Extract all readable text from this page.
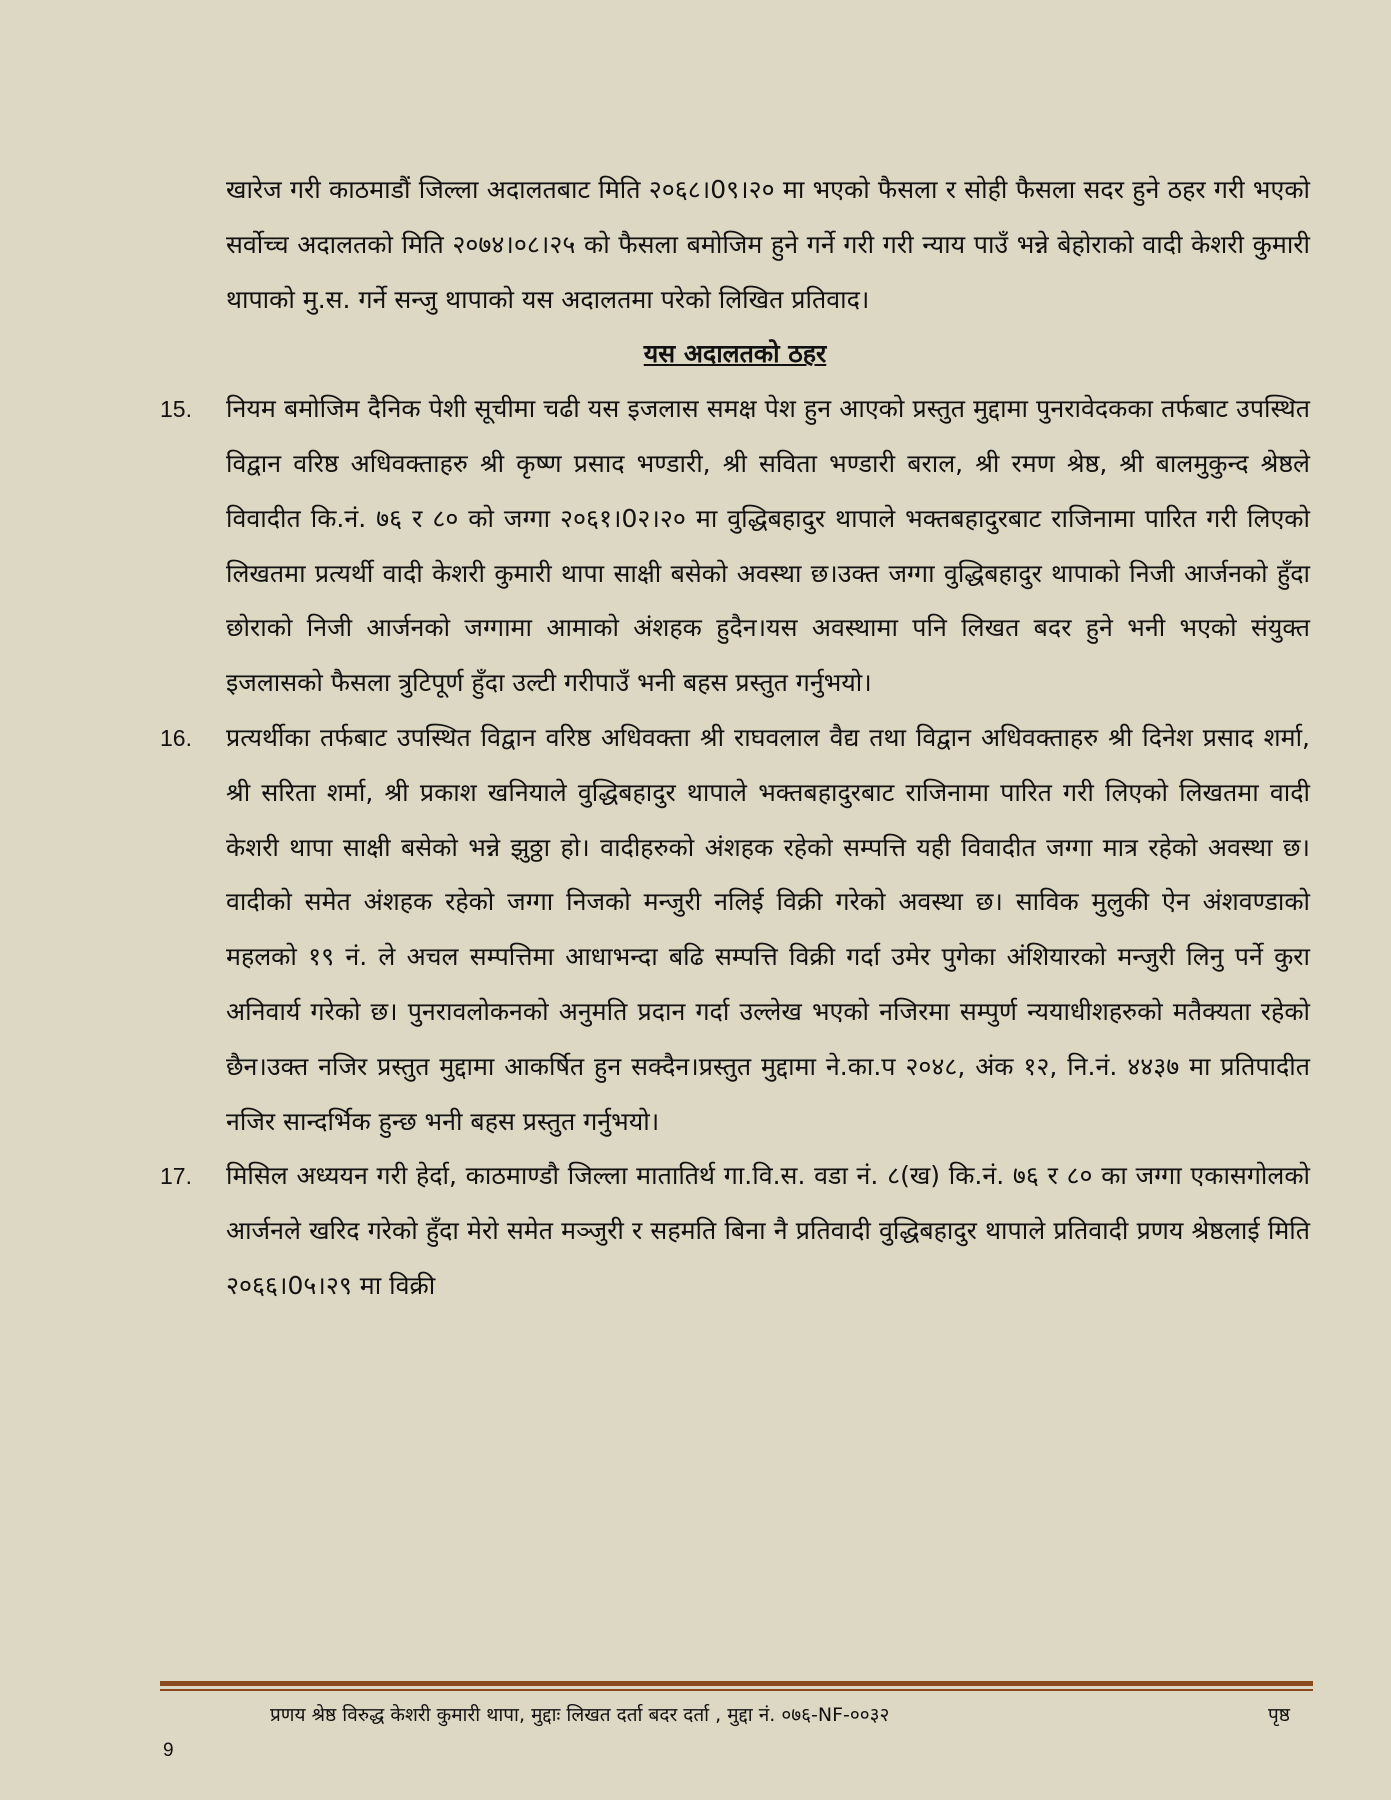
खारेज गरी काठमाडौं जिल्ला अदालतबाट मिति २०६८।0९।२० मा भएको फैसला र सोही फैसला सदर हुने ठहर गरी भएको सर्वोच्च अदालतको मिति २०७४।०८।२५ को फैसला बमोजिम हुने गर्ने गरी गरी न्याय पाउँ भन्ने बेहोराको वादी केशरी कुमारी थापाको मु.स. गर्ने सन्जु थापाको यस अदालतमा परेको लिखित प्रतिवाद।

यस अदालतको ठहर

15.	नियम बमोजिम दैनिक पेशी सूचीमा चढी यस इजलास समक्ष पेश हुन आएको प्रस्तुत मुद्दामा पुनरावेदकका तर्फबाट उपस्थित विद्वान वरिष्ठ अधिवक्ताहरु श्री कृष्ण प्रसाद भण्डारी, श्री सविता भण्डारी बराल, श्री रमण श्रेष्ठ, श्री बालमुकुन्द श्रेष्ठले विवादीत कि.नं. ७६ र ८० को जग्गा २०६१।0२।२० मा वुद्धिबहादुर थापाले भक्तबहादुरबाट राजिनामा पारित गरी लिएको लिखतमा प्रत्यर्थी वादी केशरी कुमारी थापा साक्षी बसेको अवस्था छ।उक्त जग्गा वुद्धिबहादुर थापाको निजी आर्जनको हुँदा छोराको निजी आर्जनको जग्गामा आमाको अंशहक हुदैन।यस अवस्थामा पनि लिखत बदर हुने भनी भएको संयुक्त इजलासको फैसला त्रुटिपूर्ण हुँदा उल्टी गरीपाउँ भनी बहस प्रस्तुत गर्नुभयो।

16.	प्रत्यर्थीका तर्फबाट उपस्थित विद्वान वरिष्ठ अधिवक्ता श्री राघवलाल वैद्य तथा विद्वान अधिवक्ताहरु श्री दिनेश प्रसाद शर्मा, श्री सरिता शर्मा, श्री प्रकाश खनियाले वुद्धिबहादुर थापाले भक्तबहादुरबाट राजिनामा पारित गरी लिएको लिखतमा वादी केशरी थापा साक्षी बसेको भन्ने झुठ्ठा हो। वादीहरुको अंशहक रहेको सम्पत्ति यही विवादीत जग्गा मात्र रहेको अवस्था छ। वादीको समेत अंशहक रहेको जग्गा निजको मन्जुरी नलिई विक्री गरेको अवस्था छ। साविक मुलुकी ऐन अंशवण्डाको महलको १९ नं. ले अचल सम्पत्तिमा आधाभन्दा बढि सम्पत्ति विक्री गर्दा उमेर पुगेका अंशियारको मन्जुरी लिनु पर्ने कुरा अनिवार्य गरेको छ। पुनरावलोकनको अनुमति प्रदान गर्दा उल्लेख भएको नजिरमा सम्पुर्ण न्ययाधीशहरुको मतैक्यता रहेको छैन।उक्त नजिर प्रस्तुत मुद्दामा आकर्षित हुन सक्दैन।प्रस्तुत मुद्दामा ने.का.प २०४८, अंक १२, नि.नं. ४४३७ मा प्रतिपादीत नजिर सान्दर्भिक हुन्छ भनी बहस प्रस्तुत गर्नुभयो।

17.	मिसिल अध्ययन गरी हेर्दा, काठमाण्डौ जिल्ला मातातिर्थ गा.वि.स. वडा नं. ८(ख) कि.नं. ७६ र ८० का जग्गा एकासगोलको आर्जनले खरिद गरेको हुँदा मेरो समेत मञ्जुरी र सहमति बिना नै प्रतिवादी वुद्धिबहादुर थापाले प्रतिवादी प्रणय श्रेष्ठलाई मिति २०६६।0५।२९ मा विक्री

प्रणय श्रेष्ठ विरुद्ध केशरी कुमारी थापा, मुद्दाः लिखत दर्ता बदर दर्ता , मुद्दा नं. ०७६-NF-००३२	पृष्ठ
9
